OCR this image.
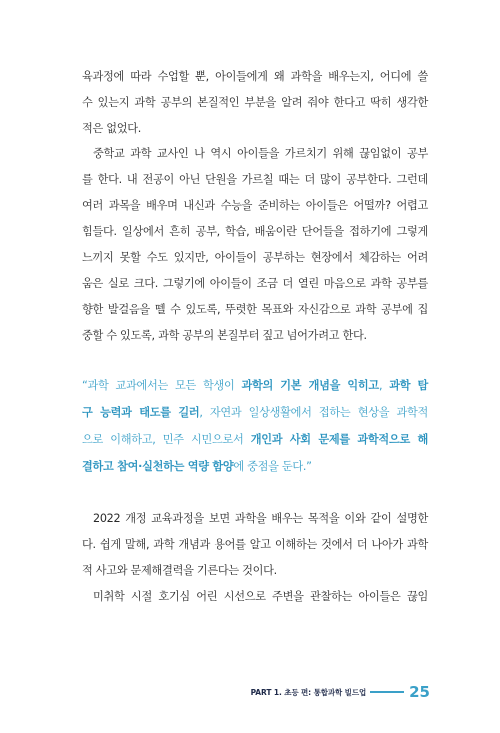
육과정에 따라 수업할 뿐, 아이들에게 왜 과학을 배우는지, 어디에 쓸
수 있는지 과학 공부의 본질적인 부분을 알려 줘야 한다고 딱히 생각한
적은 없었다.

중학교 과학 교사인 나 역시 아이들을 가르치기 위해 끊임없이 공부
를 한다. 내 전공이 아닌 단원을 가르칠 때는 더 많이 공부한다. 그런데
여러 과목을 배우며 내신과 수능을 준비하는 아이들은 어떨까? 어렵고
힘들다. 일상에서 흔히 공부, 학습, 배움이란 단어들을 접하기에 그렇게
느끼지 못할 수도 있지만, 아이들이 공부하는 현장에서 체감하는 어려
움은 실로 크다. 그렇기에 아이들이 조금 더 열린 마음으로 과학 공부를
향한 발걸음을 뗄 수 있도록, 뚜렷한 목표와 자신감으로 과학 공부에 집
중할 수 있도록, 과학 공부의 본질부터 짚고 넘어가려고 한다.

“과학 교과에서는 모든 학생이 과학의 기본 개념을 익히고, 과학 탐
구 능력과 태도를 길러, 자연과 일상생활에서 접하는 현상을 과학적
으로 이해하고, 민주 시민으로서 개인과 사회 문제를 과학적으로 해
결하고 참여·실천하는 역량 함양에 중점을 둔다.”

2022 개정 교육과정을 보면 과학을 배우는 목적을 이와 같이 설명한
다. 쉽게 말해, 과학 개념과 용어를 알고 이해하는 것에서 더 나아가 과학
적 사고와 문제해결력을 기른다는 것이다.

미취학 시절 호기심 어린 시선으로 주변을 관찰하는 아이들은 끊임

PART 1. 초등 편: 통합과학 빌드업	25
